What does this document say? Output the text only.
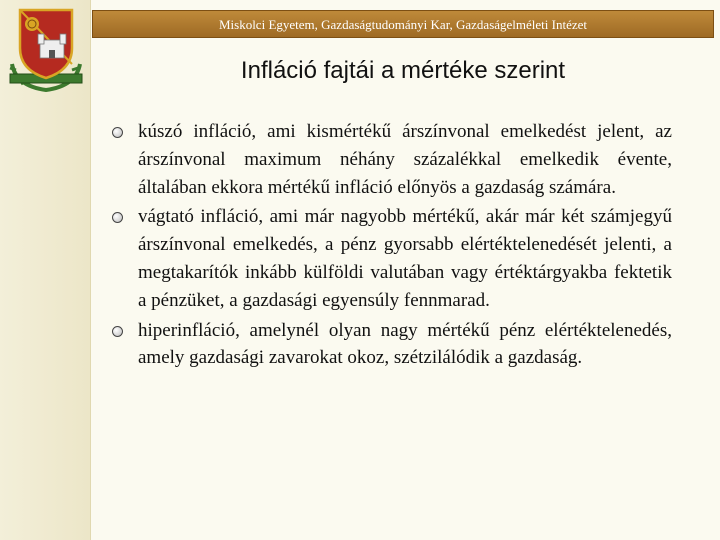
Miskolci Egyetem, Gazdaságtudományi Kar, Gazdaságelméleti Intézet
Infláció fajtái a mértéke szerint
kúszó infláció, ami kismértékű árszínvonal emelkedést jelent, az árszínvonal maximum néhány százalékkal emelkedik évente, általában ekkora mértékű infláció előnyös a gazdaság számára.
vágtató infláció, ami már nagyobb mértékű, akár már két számjegyű árszínvonal emelkedés, a pénz gyorsabb elértéktelenedését jelenti, a megtakarítók inkább külföldi valutában vagy értéktárgyakba fektetik a pénzüket, a gazdasági egyensúly fennmarad.
hiperinfláció, amelynél olyan nagy mértékű pénz elértéktelenedés, amely gazdasági zavarokat okoz, szétzilálódik a gazdaság.
